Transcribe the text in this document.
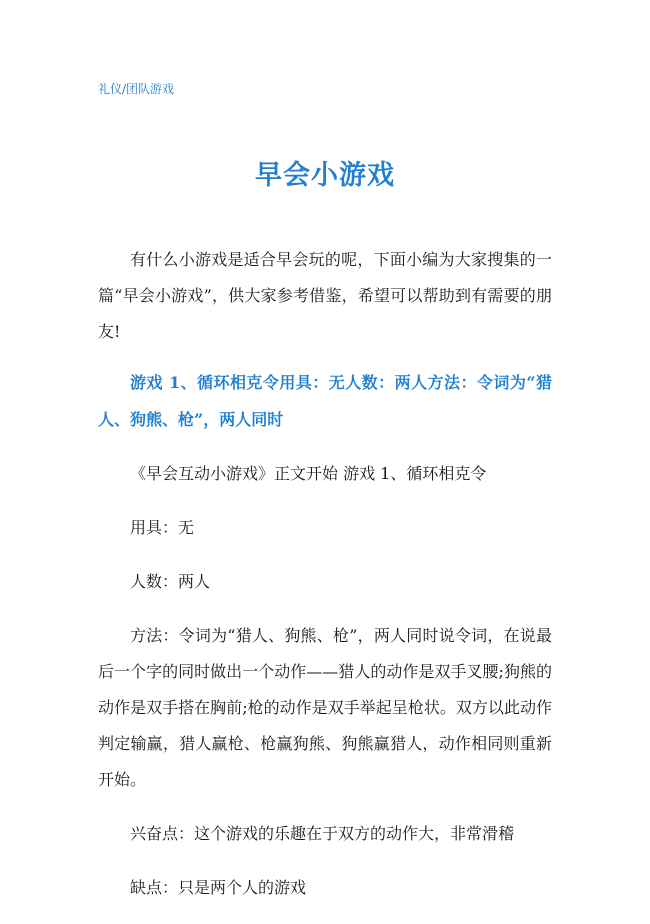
礼仪/团队游戏
早会小游戏

有什么小游戏是适合早会玩的呢，下面小编为大家搜集的一篇“早会小游戏”，供大家参考借鉴，希望可以帮助到有需要的朋友!

游戏 1、循环相克令用具：无人数：两人方法：令词为“猎人、狗熊、枪”，两人同时

《早会互动小游戏》正文开始 游戏 1、循环相克令

用具：无

人数：两人

方法：令词为“猎人、狗熊、枪”，两人同时说令词，在说最后一个字的同时做出一个动作——猎人的动作是双手叉腰;狗熊的动作是双手搭在胸前;枪的动作是双手举起呈枪状。双方以此动作判定输赢，猎人赢枪、枪赢狗熊、狗熊赢猎人，动作相同则重新开始。

兴奋点：这个游戏的乐趣在于双方的动作大，非常滑稽

缺点：只是两个人的游戏
